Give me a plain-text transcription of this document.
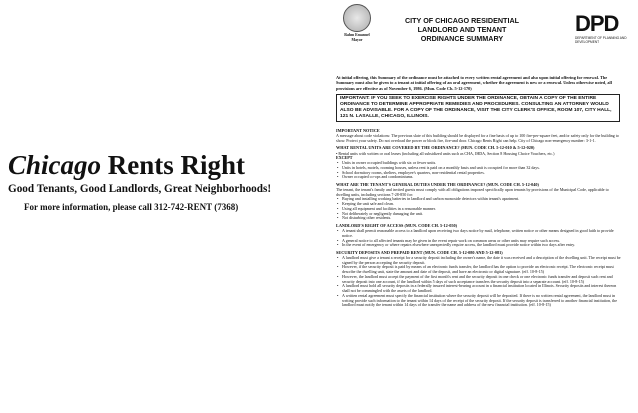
Chicago Rents Right
Good Tenants, Good Landlords, Great Neighborhoods!
For more information, please call 312-742-RENT (7368)
Rahm Emanuel
Mayor
CITY OF CHICAGO RESIDENTIAL
LANDLORD AND TENANT
ORDINANCE SUMMARY
DPD
DEPARTMENT OF PLANNING AND DEVELOPMENT
At initial offering, this Summary of the ordinance must be attached to every written rental agreement and also upon initial offering for renewal. The Summary must also be given to a tenant at initial offering of an oral agreement, whether the agreement is new or a renewal. Unless otherwise noted, all provisions are effective as of November 6, 1986. (Mun. Code Ch. 5-12-170)
IMPORTANT: IF YOU SEEK TO EXERCISE RIGHTS UNDER THE ORDINANCE, OBTAIN A COPY OF THE ENTIRE ORDINANCE TO DETERMINE APPROPRIATE REMEDIES AND PROCEDURES. CONSULTING AN ATTORNEY WOULD ALSO BE ADVISABLE. FOR A COPY OF THE ORDINANCE, VISIT THE CITY CLERK'S OFFICE, ROOM 107, CITY HALL, 121 N. LASALLE, CHICAGO, ILLINOIS.
IMPORTANT NOTICE

A message about code violations: The previous slate of this building should be displayed for a fine basis of up to 100 fire-per-square feet, and/or safety only for the building to show. Protect your safety. Do not overload the power or block fire, fire-and door. Chicago Rents Right can help. City of Chicago non-emergency number: 3-1-1.

WHAT RENTAL UNITS ARE COVERED BY THE ORDINANCE? (MUN. CODE CH. 5-12-010 & 5-12-020)

• Rental units with written or oral leases (including all subsidized units such as CHA, IHDA, Section 8 Housing Choice Vouchers, etc.)

EXCEPT

• Units in owner occupied buildings with six or fewer units.
• Units in hotels, motels, rooming houses, unless rent is paid on a monthly basis and unit is occupied for more than 32 days.
• School dormitory rooms, shelters, employee's quarters, non-residential rental properties.
• Owner occupied co-ops and condominiums.
WHAT ARE THE TENANT'S GENERAL DUTIES UNDER THE ORDINANCE? (MUN. CODE CH. 5-12-040)

The tenant, the tenant's family and invited guests must comply with all obligations imposed specifically upon tenants by provisions of the Municipal Code, applicable to dwelling units, including sections 7-28-850 for:

• Buying and installing working batteries in landlord and carbon monoxide detectors within tenant's apartment.
• Keeping the unit safe and clean.
• Using all equipment and facilities in a reasonable manner.
• Not deliberately or negligently damaging the unit.
• Not disturbing other residents.
LANDLORD'S RIGHT OF ACCESS (MUN. CODE CH. 5-12-050)
• A tenant shall permit reasonable access to a landlord upon receiving two days notice by mail, telephone, written notice or other means designed in good faith to provide notice.
• A general notice to all affected tenants may be given in the event repair work on common areas or other units may require such access.
• In the event of emergency or where repairs elsewhere unexpectedly require access, the landlord must provide notice within two days after entry.
SECURITY DEPOSITS AND PREPAID RENT (MUN. CODE CH. 5-12-080 AND 5-12-081)
• A landlord must give a tenant a receipt for a security deposit including the owner's name, the date it was received and a description of the dwelling unit. The receipt must be signed by the person accepting the security deposit.
• However, if the security deposit is paid by means of an electronic funds transfer, the landlord has the option to provide an electronic receipt. The electronic receipt must describe the dwelling unit, state the amount and date of the deposit, and have an electronic or digital signature. (eff. 10-8-15)
• However, the landlord must accept the payment of the first month's rent and the security deposit in one check or one electronic funds transfer and deposit such rent and security deposit into one account, if the landlord within 5 days of such acceptance transfers the security deposit into a separate account. (eff. 10-8-15)
• A landlord must hold all security deposits in a federally insured interest-bearing account in a financial institution located in Illinois. Security deposits and interest thereon shall not be commingled with the assets of the landlord.
• A written rental agreement must specify the financial institution where the security deposit will be deposited. If there is no written rental agreement, the landlord must in writing provide such information to the tenant within 14 days of the receipt of the security deposit. If the security deposit is transferred to another financial institution, the landlord must notify the tenant within 14 days of the transfer the name and address of the new financial institution. (eff. 10-8-15)
